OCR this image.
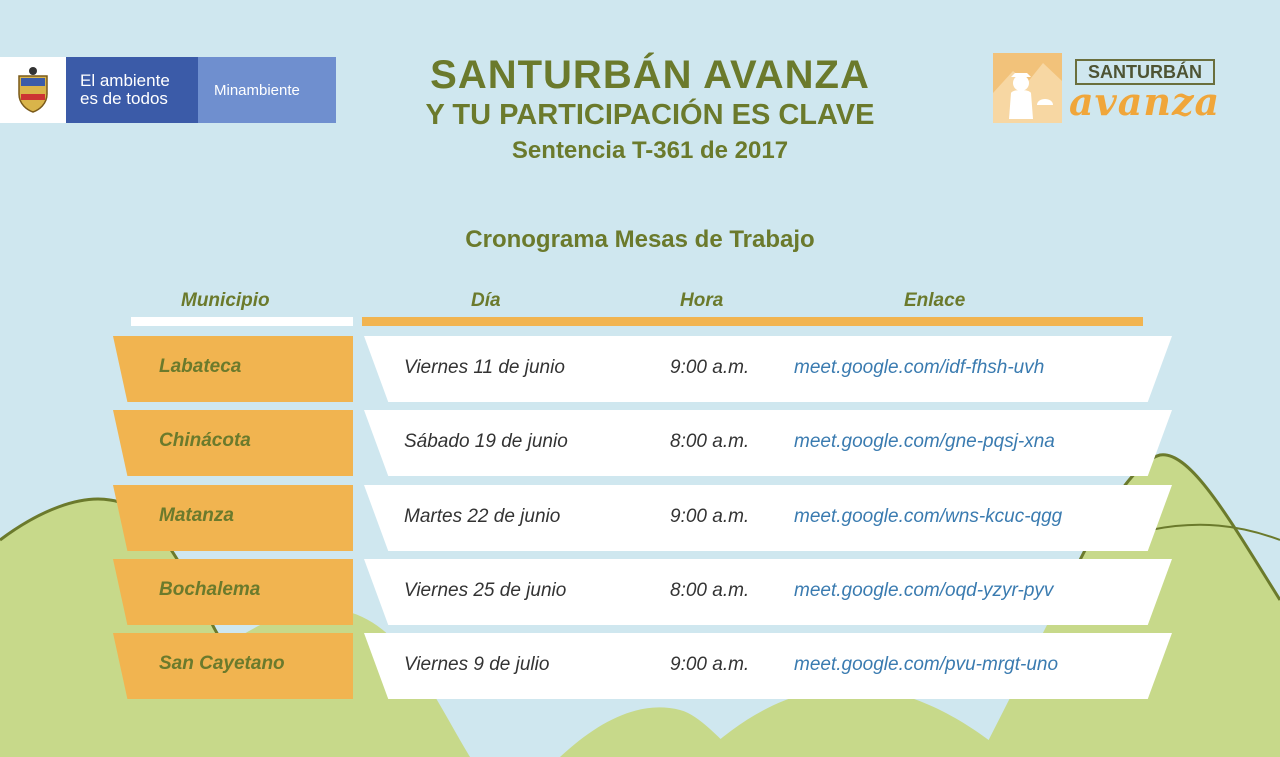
El ambiente
es de todos	Minambiente	SANTURBÁN AVANZA
Y TU PARTICIPACIÓN ES CLAVE
Sentencia T-361 de 2017
SANTURBÁN
avanza
Cronograma Mesas de Trabajo
Municipio	Día	Hora	Enlace
Labateca	Viernes 11 de junio	9:00 a.m. meet.google.com/idf-fhsh-uvh
Chinácota	Sábado 19 de junio	8:00 a.m. meet.google.com/gne-pqsj-xna
Matanza	Martes 22 de junio	9:00 a.m. meet.google.com/wns-kcuc-qgg
Bochalema	Viernes 25 de junio	8:00 a.m. meet.google.com/oqd-yzyr-pyv
San Cayetano	Viernes 9 de julio	9:00 a.m. meet.google.com/pvu-mrgt-uno
